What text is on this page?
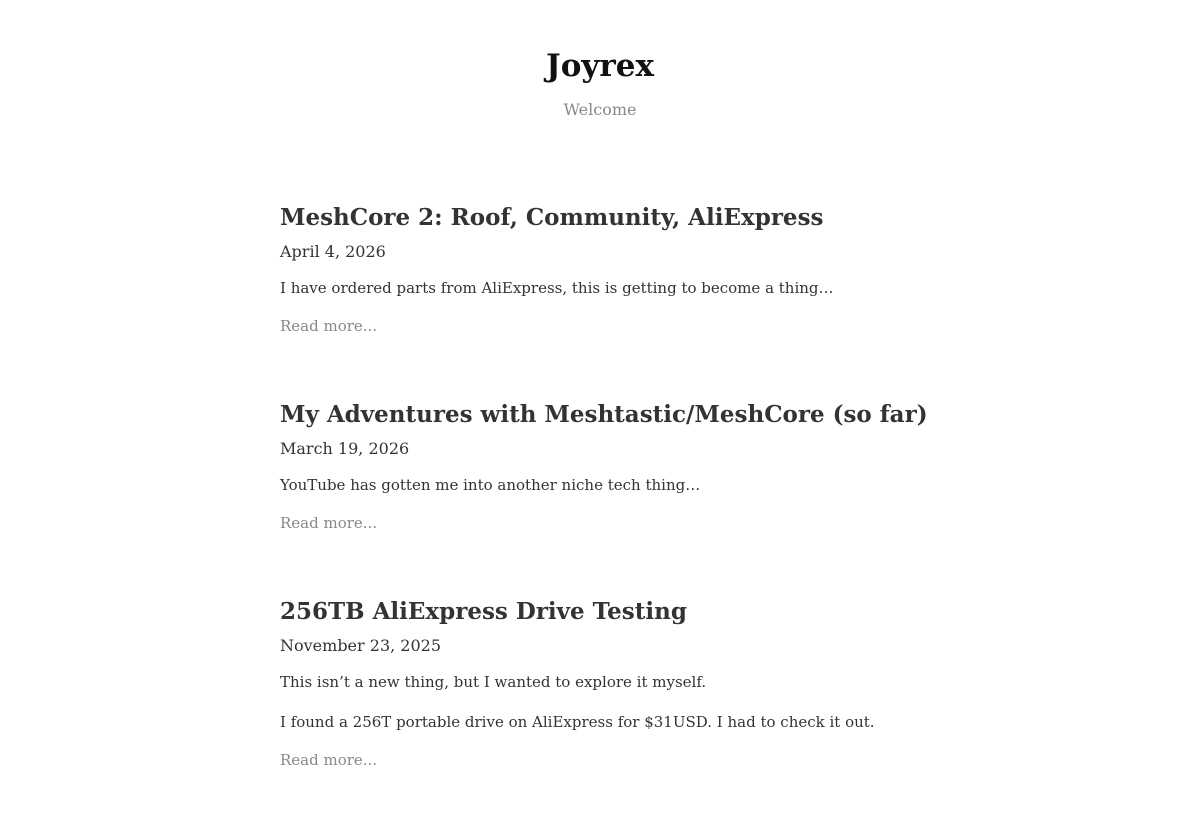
Joyrex

Welcome

MeshCore 2: Roof, Community, AliExpress

April 4, 2026

I have ordered parts from AliExpress, this is getting to become a thing…

Read more...
My Adventures with Meshtastic/MeshCore (so far)

March 19, 2026

YouTube has gotten me into another niche tech thing…

Read more...
256TB AliExpress Drive Testing

November 23, 2025

This isn’t a new thing, but I wanted to explore it myself.

I found a 256T portable drive on AliExpress for $31USD. I had to check it out.

Read more...
